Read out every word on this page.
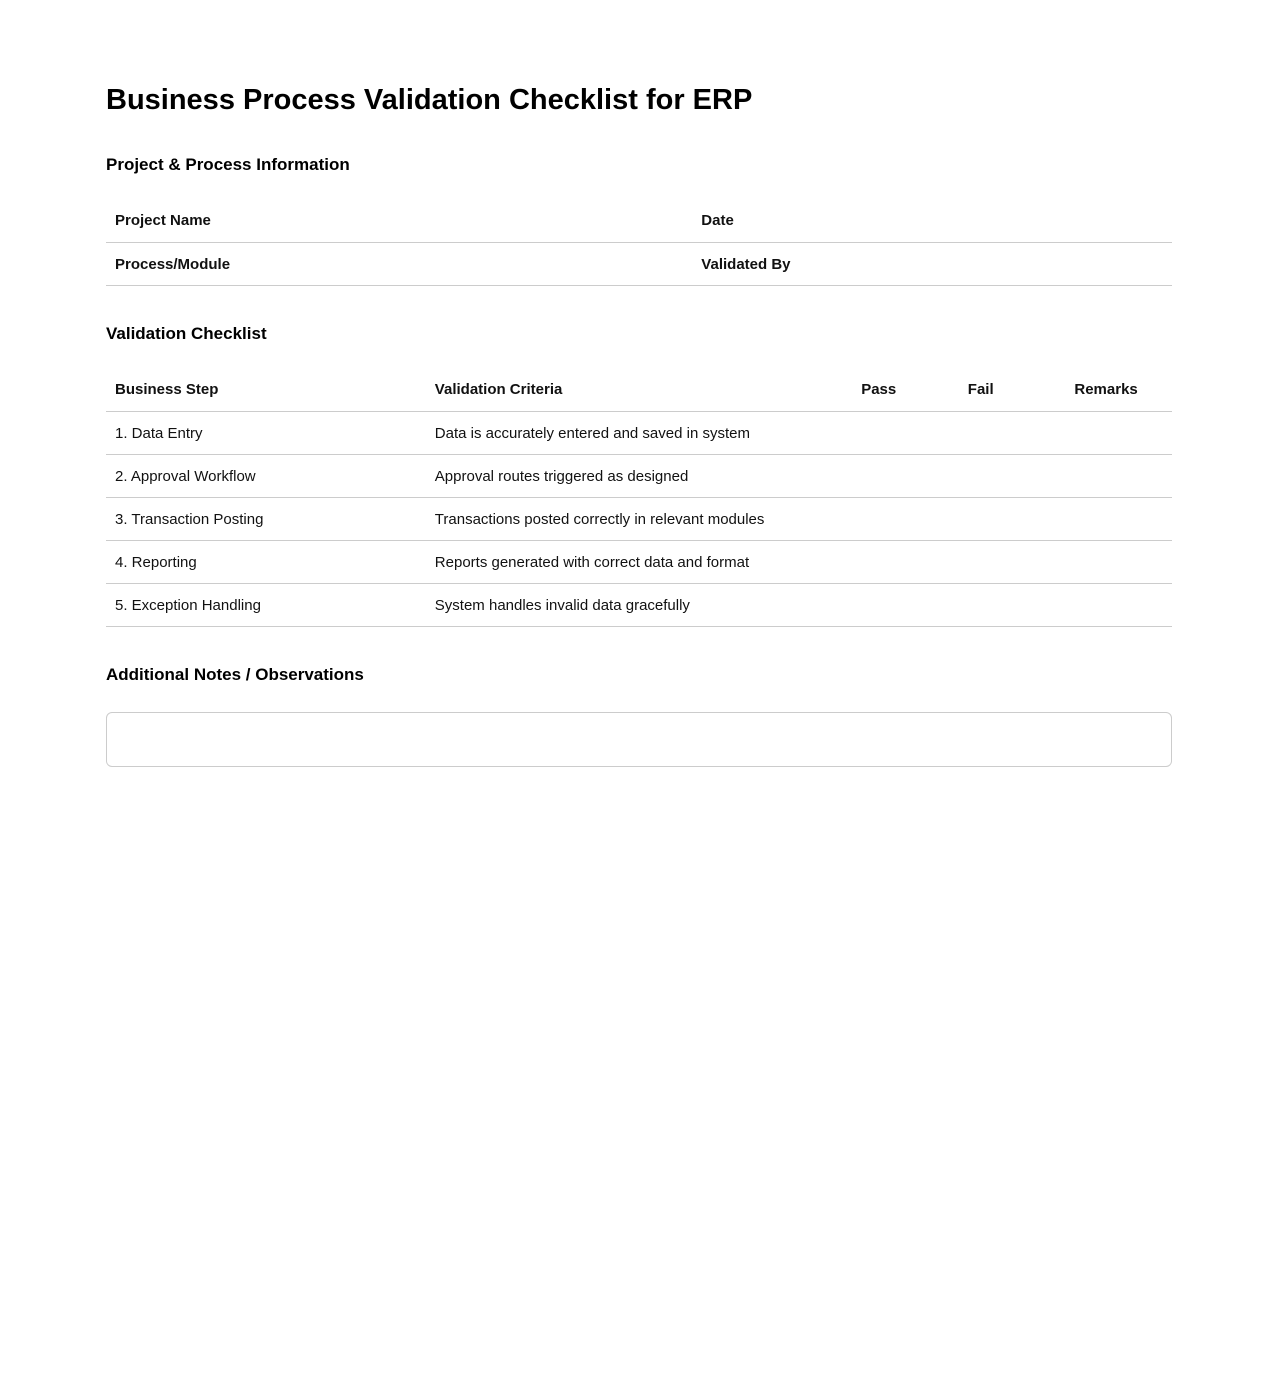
Business Process Validation Checklist for ERP
Project & Process Information
Project Name	Date
Process/Module	Validated By
Validation Checklist
Business Step	Validation Criteria	Pass	Fail	Remarks
1. Data Entry	Data is accurately entered and saved in system			
2. Approval Workflow	Approval routes triggered as designed			
3. Transaction Posting	Transactions posted correctly in relevant modules			
4. Reporting	Reports generated with correct data and format			
5. Exception Handling	System handles invalid data gracefully			
Additional Notes / Observations
